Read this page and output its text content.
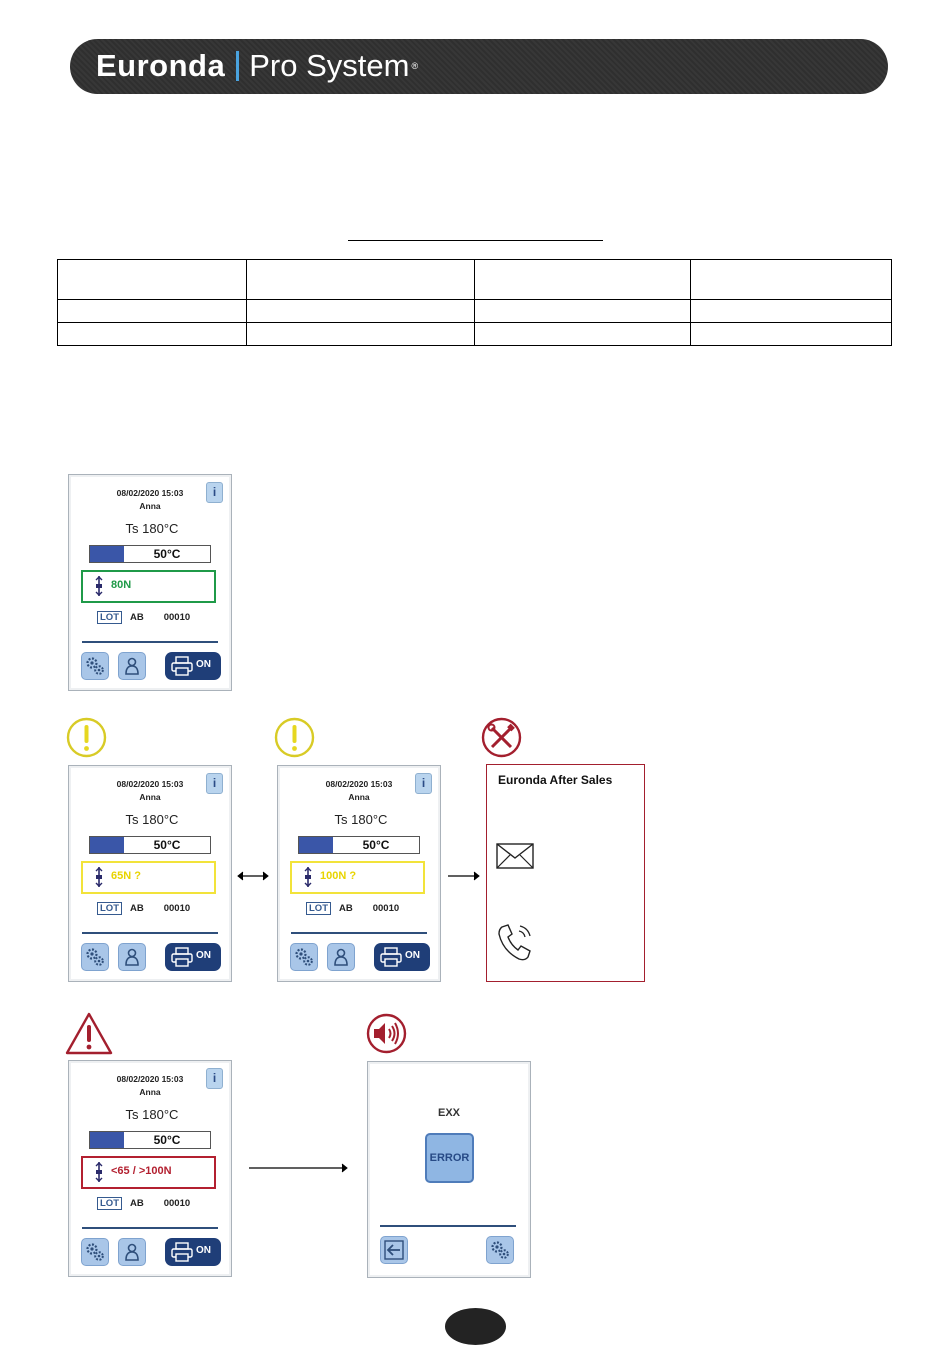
Euronda Pro System ®

08/02/2020 15:03
Anna
i
Ts 180°C
50°C
80N
LOT AB 00010
ON
08/02/2020 15:03
Anna
i
Ts 180°C
50°C
65N ?
LOT AB 00010
ON
08/02/2020 15:03
Anna
i
Ts 180°C
50°C
100N ?
LOT AB 00010
ON
08/02/2020 15:03
Anna
i
Ts 180°C
50°C
<65 / >100N
LOT AB 00010
ON
Euronda After Sales
EXX
ERROR
